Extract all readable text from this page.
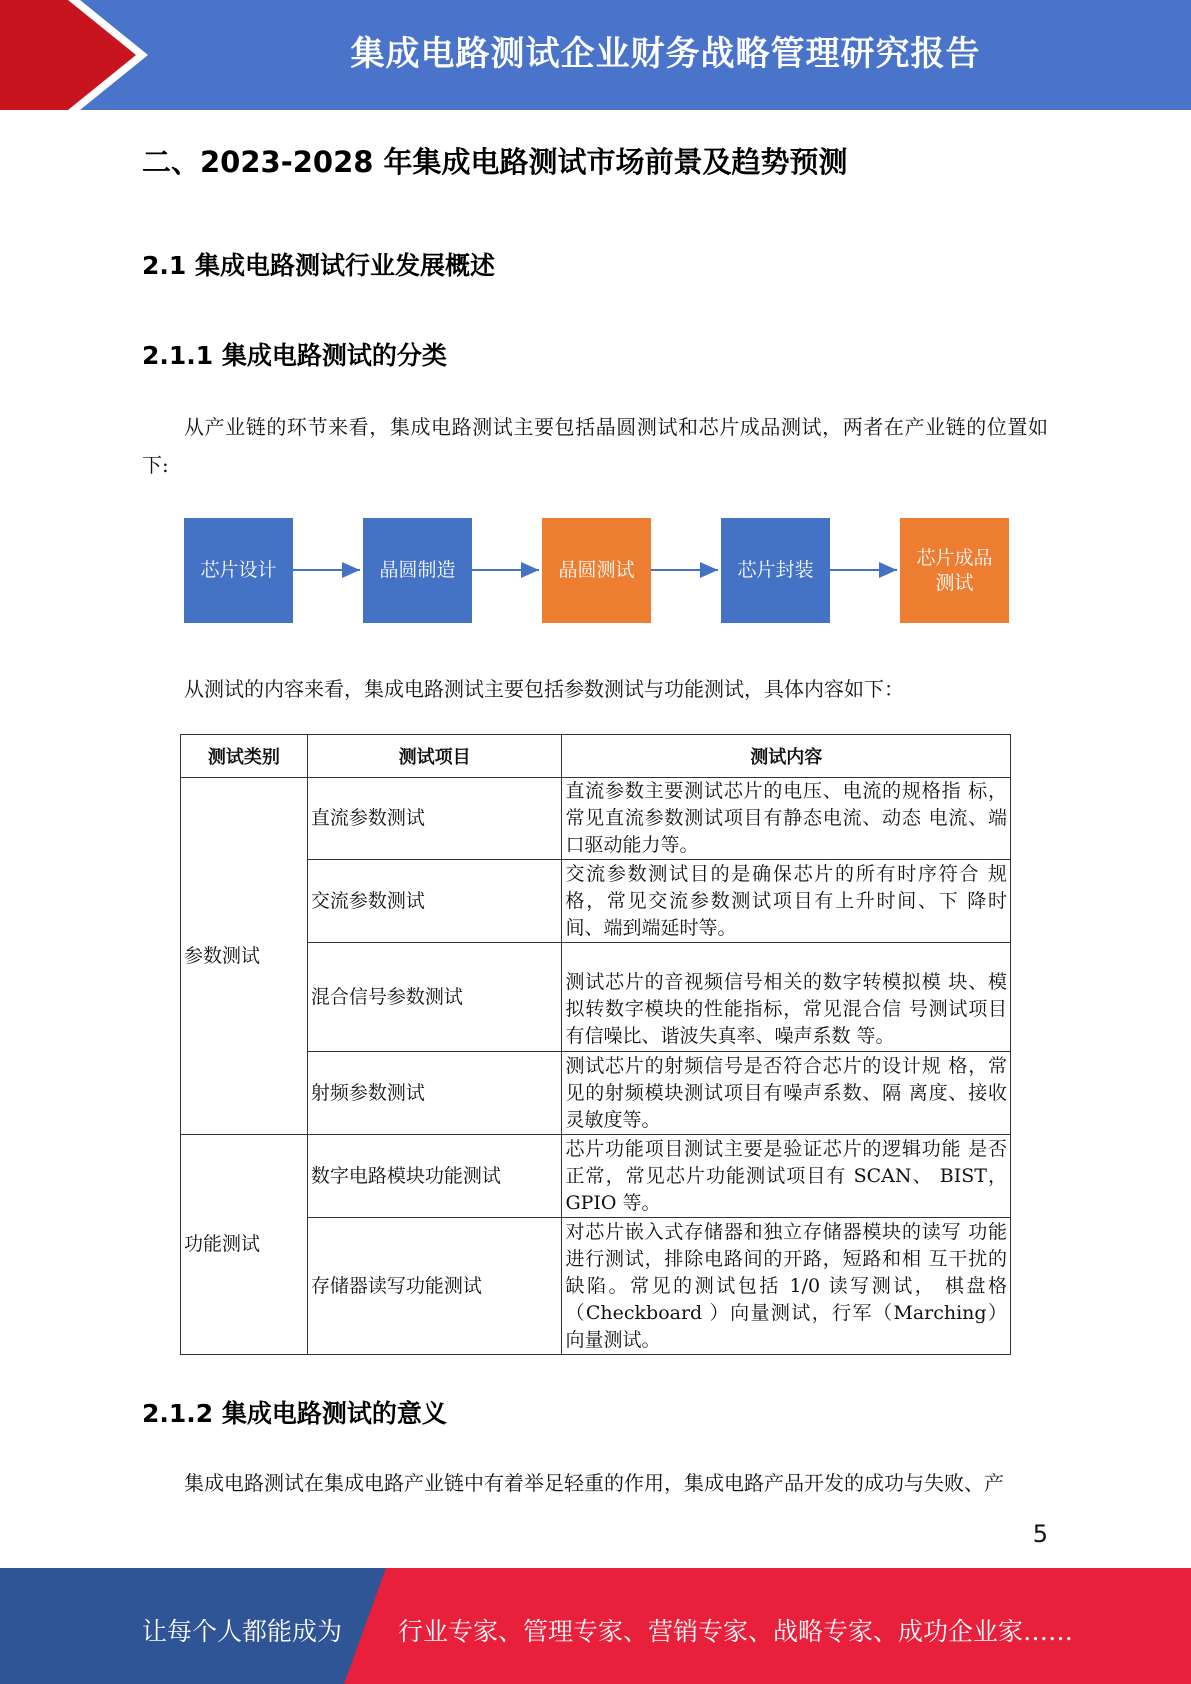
集成电路测试企业财务战略管理研究报告
二、2023-2028 年集成电路测试市场前景及趋势预测
2.1 集成电路测试行业发展概述
2.1.1 集成电路测试的分类
从产业链的环节来看，集成电路测试主要包括晶圆测试和芯片成品测试，两者在产业链的位置如下:
芯片设计	晶圆制造	晶圆测试	芯片封装
芯片成品测试
从测试的内容来看，集成电路测试主要包括参数测试与功能测试，具体内容如下：
测试类别	测试项目	测试内容
参数测试	直流参数测试	直流参数主要测试芯片的电压、电流的规格指 标，常见直流参数测试项目有静态电流、动态 电流、端口驱动能力等。
	交流参数测试	交流参数测试目的是确保芯片的所有时序符合 规格，常见交流参数测试项目有上升时间、下 降时间、端到端延时等。
	混合信号参数测试	测试芯片的音视频信号相关的数字转模拟模 块、模拟转数字模块的性能指标，常见混合信 号测试项目有信噪比、谐波失真率、噪声系数 等。
	射频参数测试	测试芯片的射频信号是否符合芯片的设计规 格，常见的射频模块测试项目有噪声系数、隔 离度、接收灵敏度等。
功能测试	数字电路模块功能测试	芯片功能项目测试主要是验证芯片的逻辑功能 是否正常，常见芯片功能测试项目有 SCAN、 BIST，GPIO 等。
	存储器读写功能测试	对芯片嵌入式存储器和独立存储器模块的读写 功能进行测试，排除电路间的开路，短路和相 互干扰的缺陷。常见的测试包括 1/0 读写测试， 棋盘格（Checkboard ）向量测试，行军（Marching） 向量测试。
2.1.2 集成电路测试的意义
集成电路测试在集成电路产业链中有着举足轻重的作用，集成电路产品开发的成功与失败、产
5
让每个人都能成为 行业专家、管理专家、营销专家、战略专家、成功企业家……
